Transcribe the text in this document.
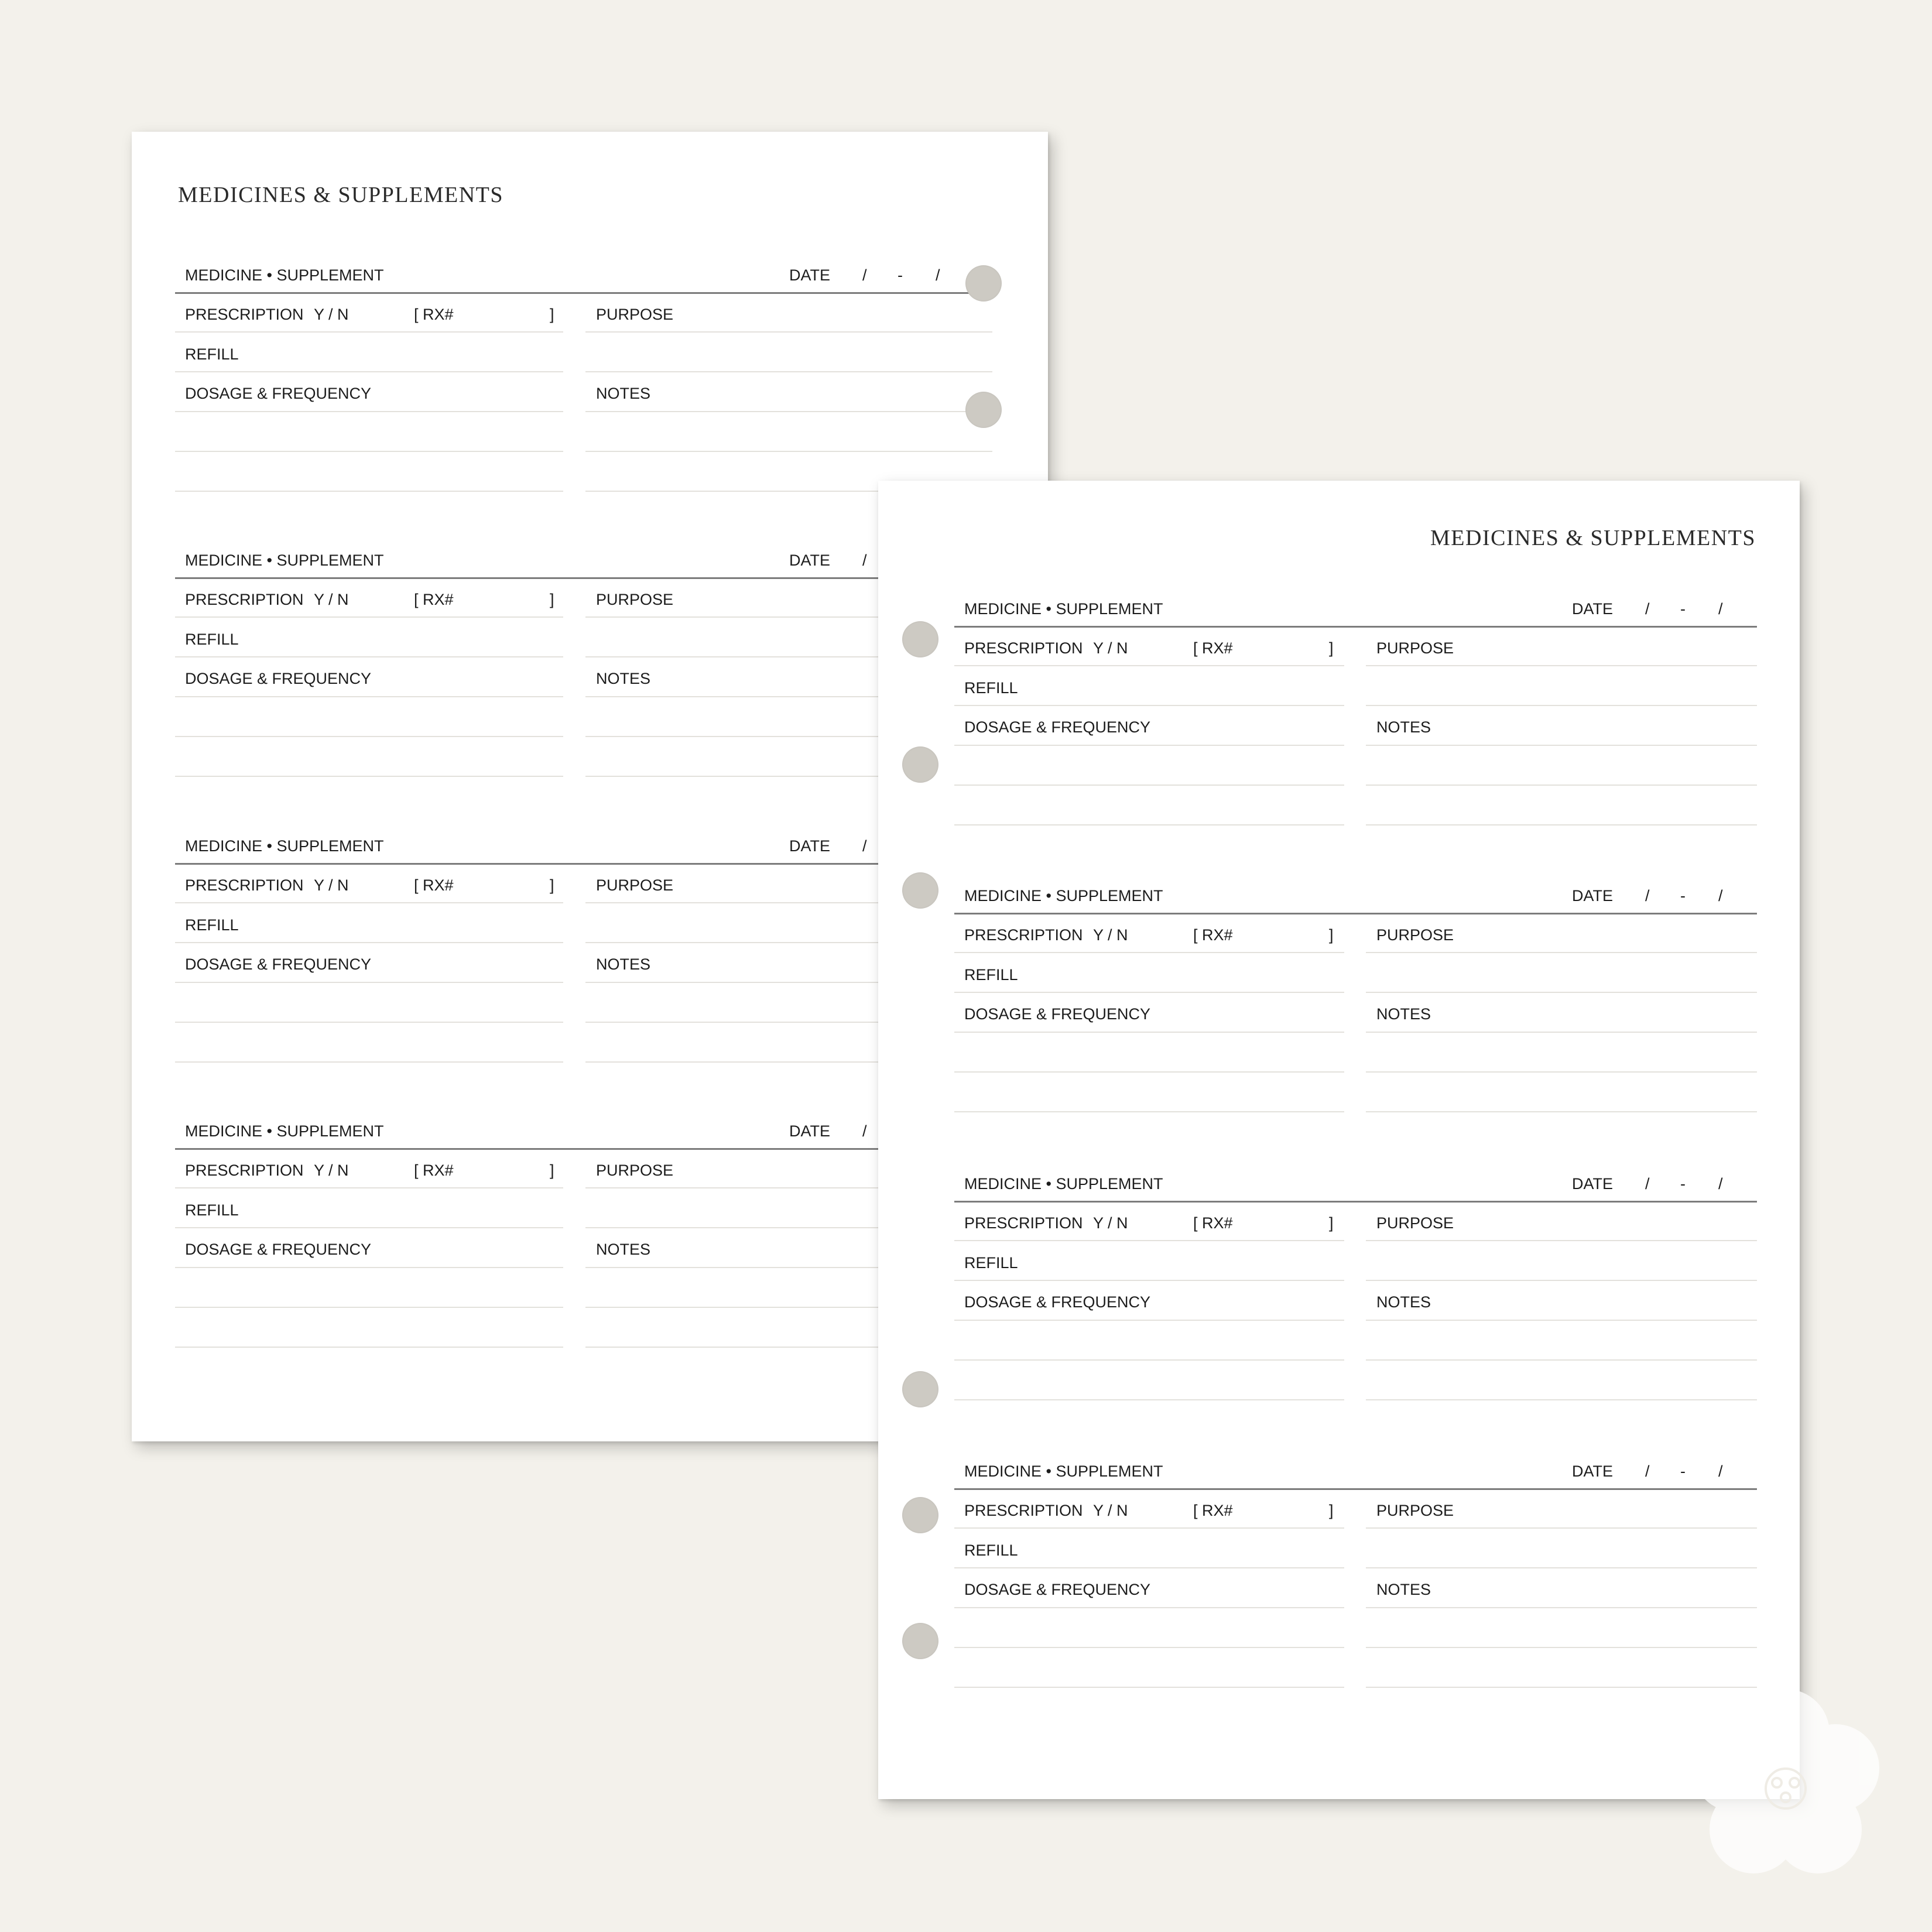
MEDICINES & SUPPLEMENTS
MEDICINE • SUPPLEMENT	DATE / - /
PRESCRIPTION Y / N	[ RX#	]	PURPOSE
REFILL
DOSAGE & FREQUENCY	NOTES
MEDICINE • SUPPLEMENT	DATE /
PRESCRIPTION Y / N	[ RX#	]	PURPOSE
REFILL
DOSAGE & FREQUENCY	NOTES
MEDICINE • SUPPLEMENT	DATE /
PRESCRIPTION Y / N	[ RX#	]	PURPOSE
REFILL
DOSAGE & FREQUENCY	NOTES
MEDICINE • SUPPLEMENT	DATE /
PRESCRIPTION Y / N	[ RX#	]	PURPOSE
REFILL
DOSAGE & FREQUENCY	NOTES
MEDICINES & SUPPLEMENTS
MEDICINE • SUPPLEMENT	DATE / - /
PRESCRIPTION Y / N	[ RX#	]	PURPOSE
REFILL
DOSAGE & FREQUENCY	NOTES
MEDICINE • SUPPLEMENT	DATE / - /
PRESCRIPTION Y / N	[ RX#	]	PURPOSE
REFILL
DOSAGE & FREQUENCY	NOTES
MEDICINE • SUPPLEMENT	DATE / - /
PRESCRIPTION Y / N	[ RX#	]	PURPOSE
REFILL
DOSAGE & FREQUENCY	NOTES
MEDICINE • SUPPLEMENT	DATE / - /
PRESCRIPTION Y / N	[ RX#	]	PURPOSE
REFILL
DOSAGE & FREQUENCY	NOTES
